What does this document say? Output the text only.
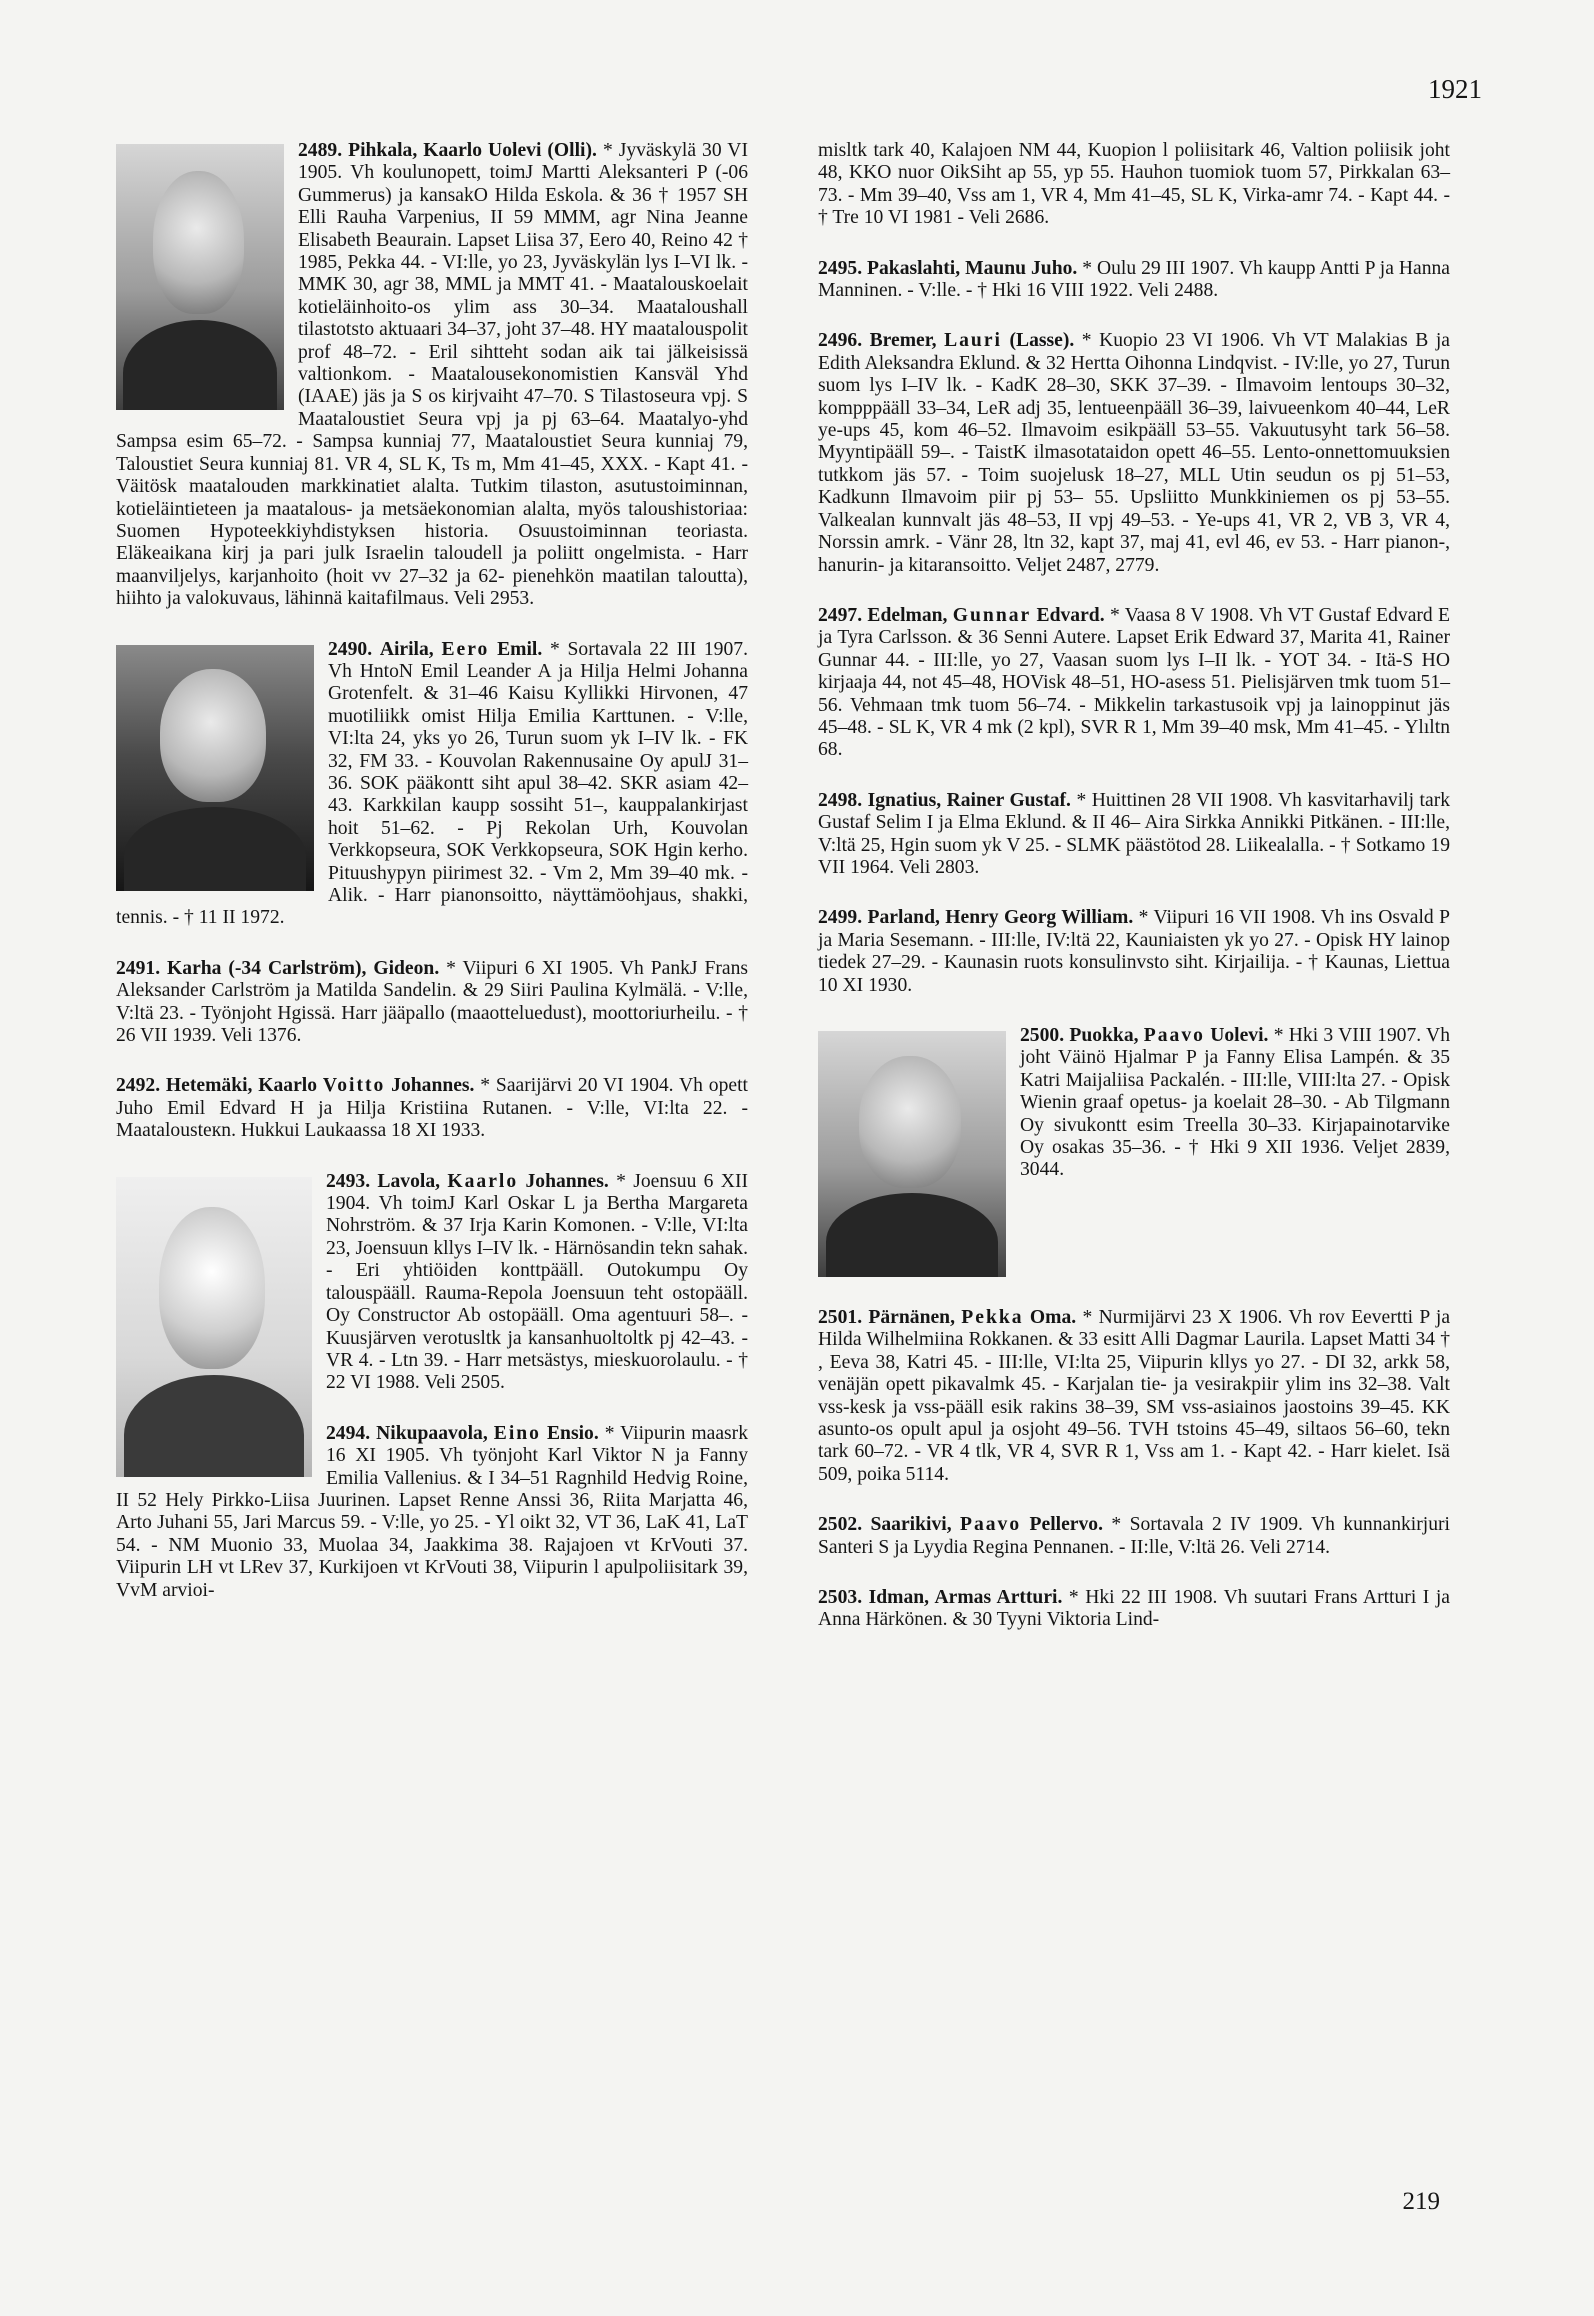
1921

2489. Pihkala, Kaarlo Uolevi (Olli). * Jyväskylä 30 VI 1905. Vh koulunopett, toimJ Martti Aleksanteri P (-06 Gummerus) ja kansakO Hilda Eskola. & 36 † 1957 SH Elli Rauha Varpenius, II 59 MMM, agr Nina Jeanne Elisabeth Beaurain. Lapset Liisa 37, Eero 40, Reino 42 † 1985, Pekka 44. - VI:lle, yo 23, Jyväskylän lys I–VI lk. - MMK 30, agr 38, MML ja MMT 41. - Maatalouskoelait kotieläinhoito-os ylim ass 30–34. Maataloushall tilastotsto aktuaari 34–37, joht 37–48. HY maatalouspolit prof 48–72. - Eril sihtteht sodan aik tai jälkeisissä valtionkom. - Maatalousekonomistien Kansväl Yhd (IAAE) jäs ja S os kirjvaiht 47–70. S Tilastoseura vpj. S Maataloustiet Seura vpj ja pj 63–64. Maatalyo-yhd Sampsa esim 65–72. - Sampsa kunniaj 77, Maataloustiet Seura kunniaj 79, Taloustiet Seura kunniaj 81. VR 4, SL K, Ts m, Mm 41–45, XXX. - Kapt 41. - Väitösk maatalouden markkinatiet alalta. Tutkim tilaston, asutustoiminnan, kotieläintieteen ja maatalous- ja metsäekonomian alalta, myös taloushistoriaa: Suomen Hypoteekkiyhdistyksen historia. Osuustoiminnan teoriasta. Eläkeaikana kirj ja pari julk Israelin taloudell ja poliitt ongelmista. - Harr maanviljelys, karjanhoito (hoit vv 27–32 ja 62- pienehkön maatilan taloutta), hiihto ja valokuvaus, lähinnä kaitafilmaus. Veli 2953.

2490. Airila, Eero Emil. * Sortavala 22 III 1907. Vh HntoN Emil Leander A ja Hilja Helmi Johanna Grotenfelt. & 31–46 Kaisu Kyllikki Hirvonen, 47 muotiliikk omist Hilja Emilia Karttunen. - V:lle, VI:lta 24, yks yo 26, Turun suom yk I–IV lk. - FK 32, FM 33. - Kouvolan Rakennusaine Oy apulJ 31–36. SOK pääkontt siht apul 38–42. SKR asiam 42–43. Karkkilan kaupp sossiht 51–, kauppalankirjast hoit 51–62. - Pj Rekolan Urh, Kouvolan Verkkopseura, SOK Verkkopseura, SOK Hgin kerho. Pituushypyn piirimest 32. - Vm 2, Mm 39–40 mk. - Alik. - Harr pianonsoitto, näyttämöohjaus, shakki, tennis. - † 11 II 1972.

2491. Karha (-34 Carlström), Gideon. * Viipuri 6 XI 1905. Vh PankJ Frans Aleksander Carlström ja Matilda Sandelin. & 29 Siiri Paulina Kylmälä. - V:lle, V:ltä 23. - Työnjoht Hgissä. Harr jääpallo (maaotteluedust), moottoriurheilu. - † 26 VII 1939. Veli 1376.

2492. Hetemäki, Kaarlo Voitto Johannes. * Saarijärvi 20 VI 1904. Vh opett Juho Emil Edvard H ja Hilja Kristiina Rutanen. - V:lle, VI:lta 22. - Maatalousteкn. Hukkui Laukaassa 18 XI 1933.

2493. Lavola, Kaarlo Johannes. * Joensuu 6 XII 1904. Vh toimJ Karl Oskar L ja Bertha Margareta Nohrström. & 37 Irja Karin Komonen. - V:lle, VI:lta 23, Joensuun kllys I–IV lk. - Härnösandin tekn sahak. - Eri yhtiöiden konttpääll. Outokumpu Oy talouspääll. Rauma-Repola Joensuun teht ostopääll. Oy Constructor Ab ostopääll. Oma agentuuri 58–. - Kuusjärven verotusltk ja kansanhuoltoltk pj 42–43. - VR 4. - Ltn 39. - Harr metsästys, mieskuorolaulu. - † 22 VI 1988. Veli 2505.

2494. Nikupaavola, Eino Ensio. * Viipurin maasrk 16 XI 1905. Vh työnjoht Karl Viktor N ja Fanny Emilia Vallenius. & I 34–51 Ragnhild Hedvig Roine, II 52 Hely Pirkko-Liisa Juurinen. Lapset Renne Anssi 36, Riita Marjatta 46, Arto Juhani 55, Jari Marcus 59. - V:lle, yo 25. - Yl oikt 32, VT 36, LaK 41, LaT 54. - NM Muonio 33, Muolaa 34, Jaakkima 38. Rajajoen vt KrVouti 37. Viipurin LH vt LRev 37, Kurkijoen vt KrVouti 38, Viipurin l apulpoliisitark 39, VvM arvioi-

misltk tark 40, Kalajoen NM 44, Kuopion l poliisitark 46, Valtion poliisik joht 48, KKO nuor OikSiht ap 55, yp 55. Hauhon tuomiok tuom 57, Pirkkalan 63–73. - Mm 39–40, Vss am 1, VR 4, Mm 41–45, SL K, Virka-amr 74. - Kapt 44. - † Tre 10 VI 1981 - Veli 2686.

2495. Pakaslahti, Maunu Juho. * Oulu 29 III 1907. Vh kaupp Antti P ja Hanna Manninen. - V:lle. - † Hki 16 VIII 1922. Veli 2488.

2496. Bremer, Lauri (Lasse). * Kuopio 23 VI 1906. Vh VT Malakias B ja Edith Aleksandra Eklund. & 32 Hertta Oihonna Lindqvist. - IV:lle, yo 27, Turun suom lys I–IV lk. - KadK 28–30, SKK 37–39. - Ilmavoim lentoups 30–32, kompppääll 33–34, LeR adj 35, lentueenpääll 36–39, laivueenkom 40–44, LeR ye-ups 45, kom 46–52. Ilmavoim esikpääll 53–55. Vakuutusyht tark 56–58. Myyntipääll 59–. - TaistK ilmasotataidon opett 46–55. Lento-onnettomuuksien tutkkom jäs 57. - Toim suojelusk 18–27, MLL Utin seudun os pj 51–53, Kadkunn Ilmavoim piir pj 53– 55. Upsliitto Munkkiniemen os pj 53–55. Valkealan kunnvalt jäs 48–53, II vpj 49–53. - Ye-ups 41, VR 2, VB 3, VR 4, Norssin amrk. - Vänr 28, ltn 32, kapt 37, maj 41, evl 46, ev 53. - Harr pianon-, hanurin- ja kitaransoitto. Veljet 2487, 2779.

2497. Edelman, Gunnar Edvard. * Vaasa 8 V 1908. Vh VT Gustaf Edvard E ja Tyra Carlsson. & 36 Senni Autere. Lapset Erik Edward 37, Marita 41, Rainer Gunnar 44. - III:lle, yo 27, Vaasan suom lys I–II lk. - YOT 34. - Itä-S HO kirjaaja 44, not 45–48, HOVisk 48–51, HO-asess 51. Pielisjärven tmk tuom 51–56. Vehmaan tmk tuom 56–74. - Mikkelin tarkastusoik vpj ja lainoppinut jäs 45–48. - SL K, VR 4 mk (2 kpl), SVR R 1, Mm 39–40 msk, Mm 41–45. - Ylıltn 68.

2498. Ignatius, Rainer Gustaf. * Huittinen 28 VII 1908. Vh kasvitarhavilj tark Gustaf Selim I ja Elma Eklund. & II 46– Aira Sirkka Annikki Pitkänen. - III:lle, V:ltä 25, Hgin suom yk V 25. - SLMK päästötod 28. Liikealalla. - † Sotkamo 19 VII 1964. Veli 2803.

2499. Parland, Henry Georg William. * Viipuri 16 VII 1908. Vh ins Osvald P ja Maria Sesemann. - III:lle, IV:ltä 22, Kauniaisten yk yo 27. - Opisk HY lainop tiedek 27–29. - Kaunasin ruots konsulinvsto siht. Kirjailija. - † Kaunas, Liettua 10 XI 1930.

2500. Puokka, Paavo Uolevi. * Hki 3 VIII 1907. Vh joht Väinö Hjalmar P ja Fanny Elisa Lampén. & 35 Katri Maijaliisa Packalén. - III:lle, VIII:lta 27. - Opisk Wienin graaf opetus- ja koelait 28–30. - Ab Tilgmann Oy sivukontt esim Treella 30–33. Kirjapainotarvike Oy osakas 35–36. - † Hki 9 XII 1936. Veljet 2839, 3044.

2501. Pärnänen, Pekka Oma. * Nurmijärvi 23 X 1906. Vh rov Eevertti P ja Hilda Wilhelmiina Rokkanen. & 33 esitt Alli Dagmar Laurila. Lapset Matti 34 † , Eeva 38, Katri 45. - III:lle, VI:lta 25, Viipurin kllys yo 27. - DI 32, arkk 58, venäjän opett pikavalmk 45. - Karjalan tie- ja vesirakpiir ylim ins 32–38. Valt vss-kesk ja vss-pääll esik rakins 38–39, SM vss-asiainos jaostoins 39–45. KK asunto-os opult apul ja osjoht 49–56. TVH tstoins 45–49, siltaos 56–60, tekn tark 60–72. - VR 4 tlk, VR 4, SVR R 1, Vss am 1. - Kapt 42. - Harr kielet. Isä 509, poika 5114.

2502. Saarikivi, Paavo Pellervo. * Sortavala 2 IV 1909. Vh kunnankirjuri Santeri S ja Lyydia Regina Pennanen. - II:lle, V:ltä 26. Veli 2714.

2503. Idman, Armas Artturi. * Hki 22 III 1908. Vh suutari Frans Artturi I ja Anna Härkönen. & 30 Tyyni Viktoria Lind-

219
